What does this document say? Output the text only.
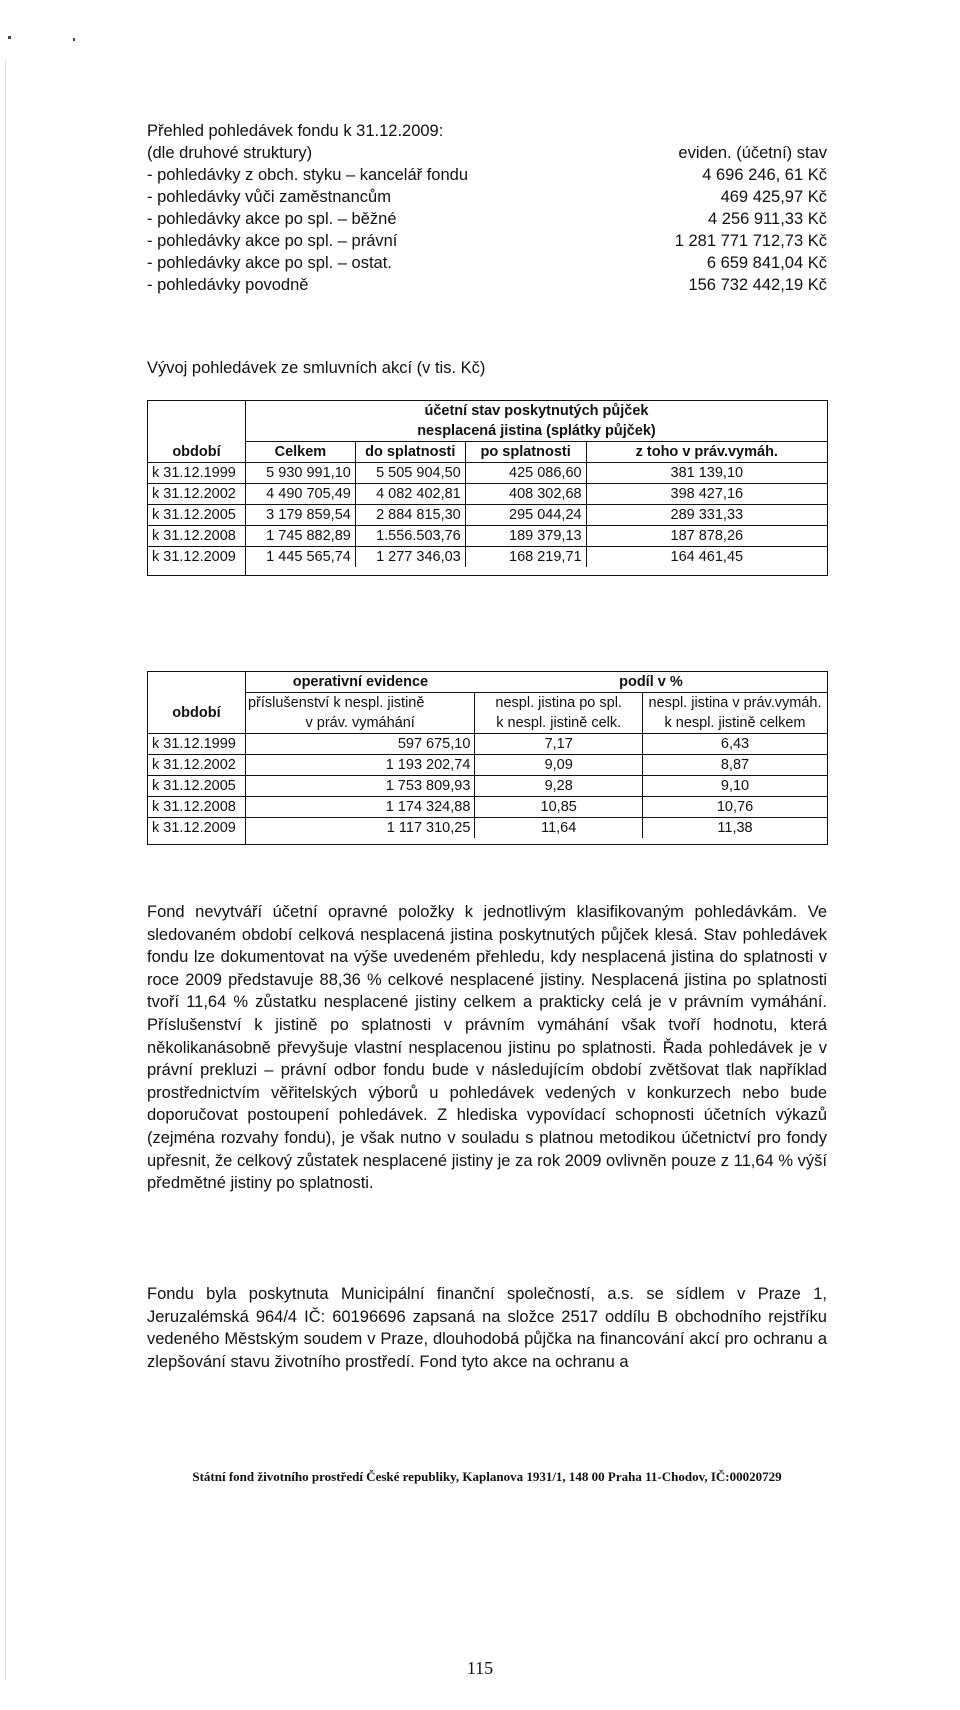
Přehled pohledávek fondu k 31.12.2009:
(dle druhové struktury)	eviden. (účetní) stav
- pohledávky z obch. styku – kancelář fondu	4 696 246, 61 Kč
- pohledávky vůči zaměstnancům	469 425,97 Kč
- pohledávky akce po spl. – běžné	4 256 911,33 Kč
- pohledávky akce po spl. – právní	1 281 771 712,73 Kč
- pohledávky akce po spl. – ostat.	6 659 841,04 Kč
- pohledávky povodně	156 732 442,19 Kč
Vývoj pohledávek ze smluvních akcí (v tis. Kč)
	účetní stav poskytnutých půjček			
	nesplacená jistina (splátky půjček)			
období	Celkem	do splatnosti	po splatnosti	z toho v práv.vymáh.
k 31.12.1999	5 930 991,10	5 505 904,50	425 086,60	381 139,10
k 31.12.2002	4 490 705,49	4 082 402,81	408 302,68	398 427,16
k 31.12.2005	3 179 859,54	2 884 815,30	295 044,24	289 331,33
k 31.12.2008	1 745 882,89	1.556.503,76	189 379,13	187 878,26
k 31.12.2009	1 445 565,74	1 277 346,03	168 219,71	164 461,45

	operativní evidence	podíl v %	
období	příslušenství k nespl. jistině	nespl. jistina po spl.	nespl. jistina v práv.vymáh.
	v práv. vymáhání	k nespl. jistině celk.	k nespl. jistině celkem
k 31.12.1999	597 675,10	7,17	6,43
k 31.12.2002	1 193 202,74	9,09	8,87
k 31.12.2005	1 753 809,93	9,28	9,10
k 31.12.2008	1 174 324,88	10,85	10,76
k 31.12.2009	1 117 310,25	11,64	11,38

Fond nevytváří účetní opravné položky k jednotlivým klasifikovaným pohledávkám. Ve sledovaném období celková nesplacená jistina poskytnutých půjček klesá. Stav pohledávek fondu lze dokumentovat na výše uvedeném přehledu, kdy nesplacená jistina do splatnosti v roce 2009 představuje 88,36 % celkové nesplacené jistiny. Nesplacená jistina po splatnosti tvoří 11,64 % zůstatku nesplacené jistiny celkem a prakticky celá je v právním vymáhání. Příslušenství k jistině po splatnosti v právním vymáhání však tvoří hodnotu, která několikanásobně převyšuje vlastní nesplacenou jistinu po splatnosti. Řada pohledávek je v právní prekluzi – právní odbor fondu bude v následujícím období zvětšovat tlak například prostřednictvím věřitelských výborů u pohledávek vedených v konkurzech nebo bude doporučovat postoupení pohledávek. Z hlediska vypovídací schopnosti účetních výkazů (zejména rozvahy fondu), je však nutno v souladu s platnou metodikou účetnictví pro fondy upřesnit, že celkový zůstatek nesplacené jistiny je za rok 2009 ovlivněn pouze z 11,64 % výší předmětné jistiny po splatnosti.
Fondu byla poskytnuta Municipální finanční společností, a.s. se sídlem v Praze 1, Jeruzalémská 964/4 IČ: 60196696 zapsaná na složce 2517 oddílu B obchodního rejstříku vedeného Městským soudem v Praze, dlouhodobá půjčka na financování akcí pro ochranu a zlepšování stavu životního prostředí. Fond tyto akce na ochranu a
Státní fond životního prostředí České republiky, Kaplanova 1931/1, 148 00 Praha 11-Chodov, IČ:00020729
115
